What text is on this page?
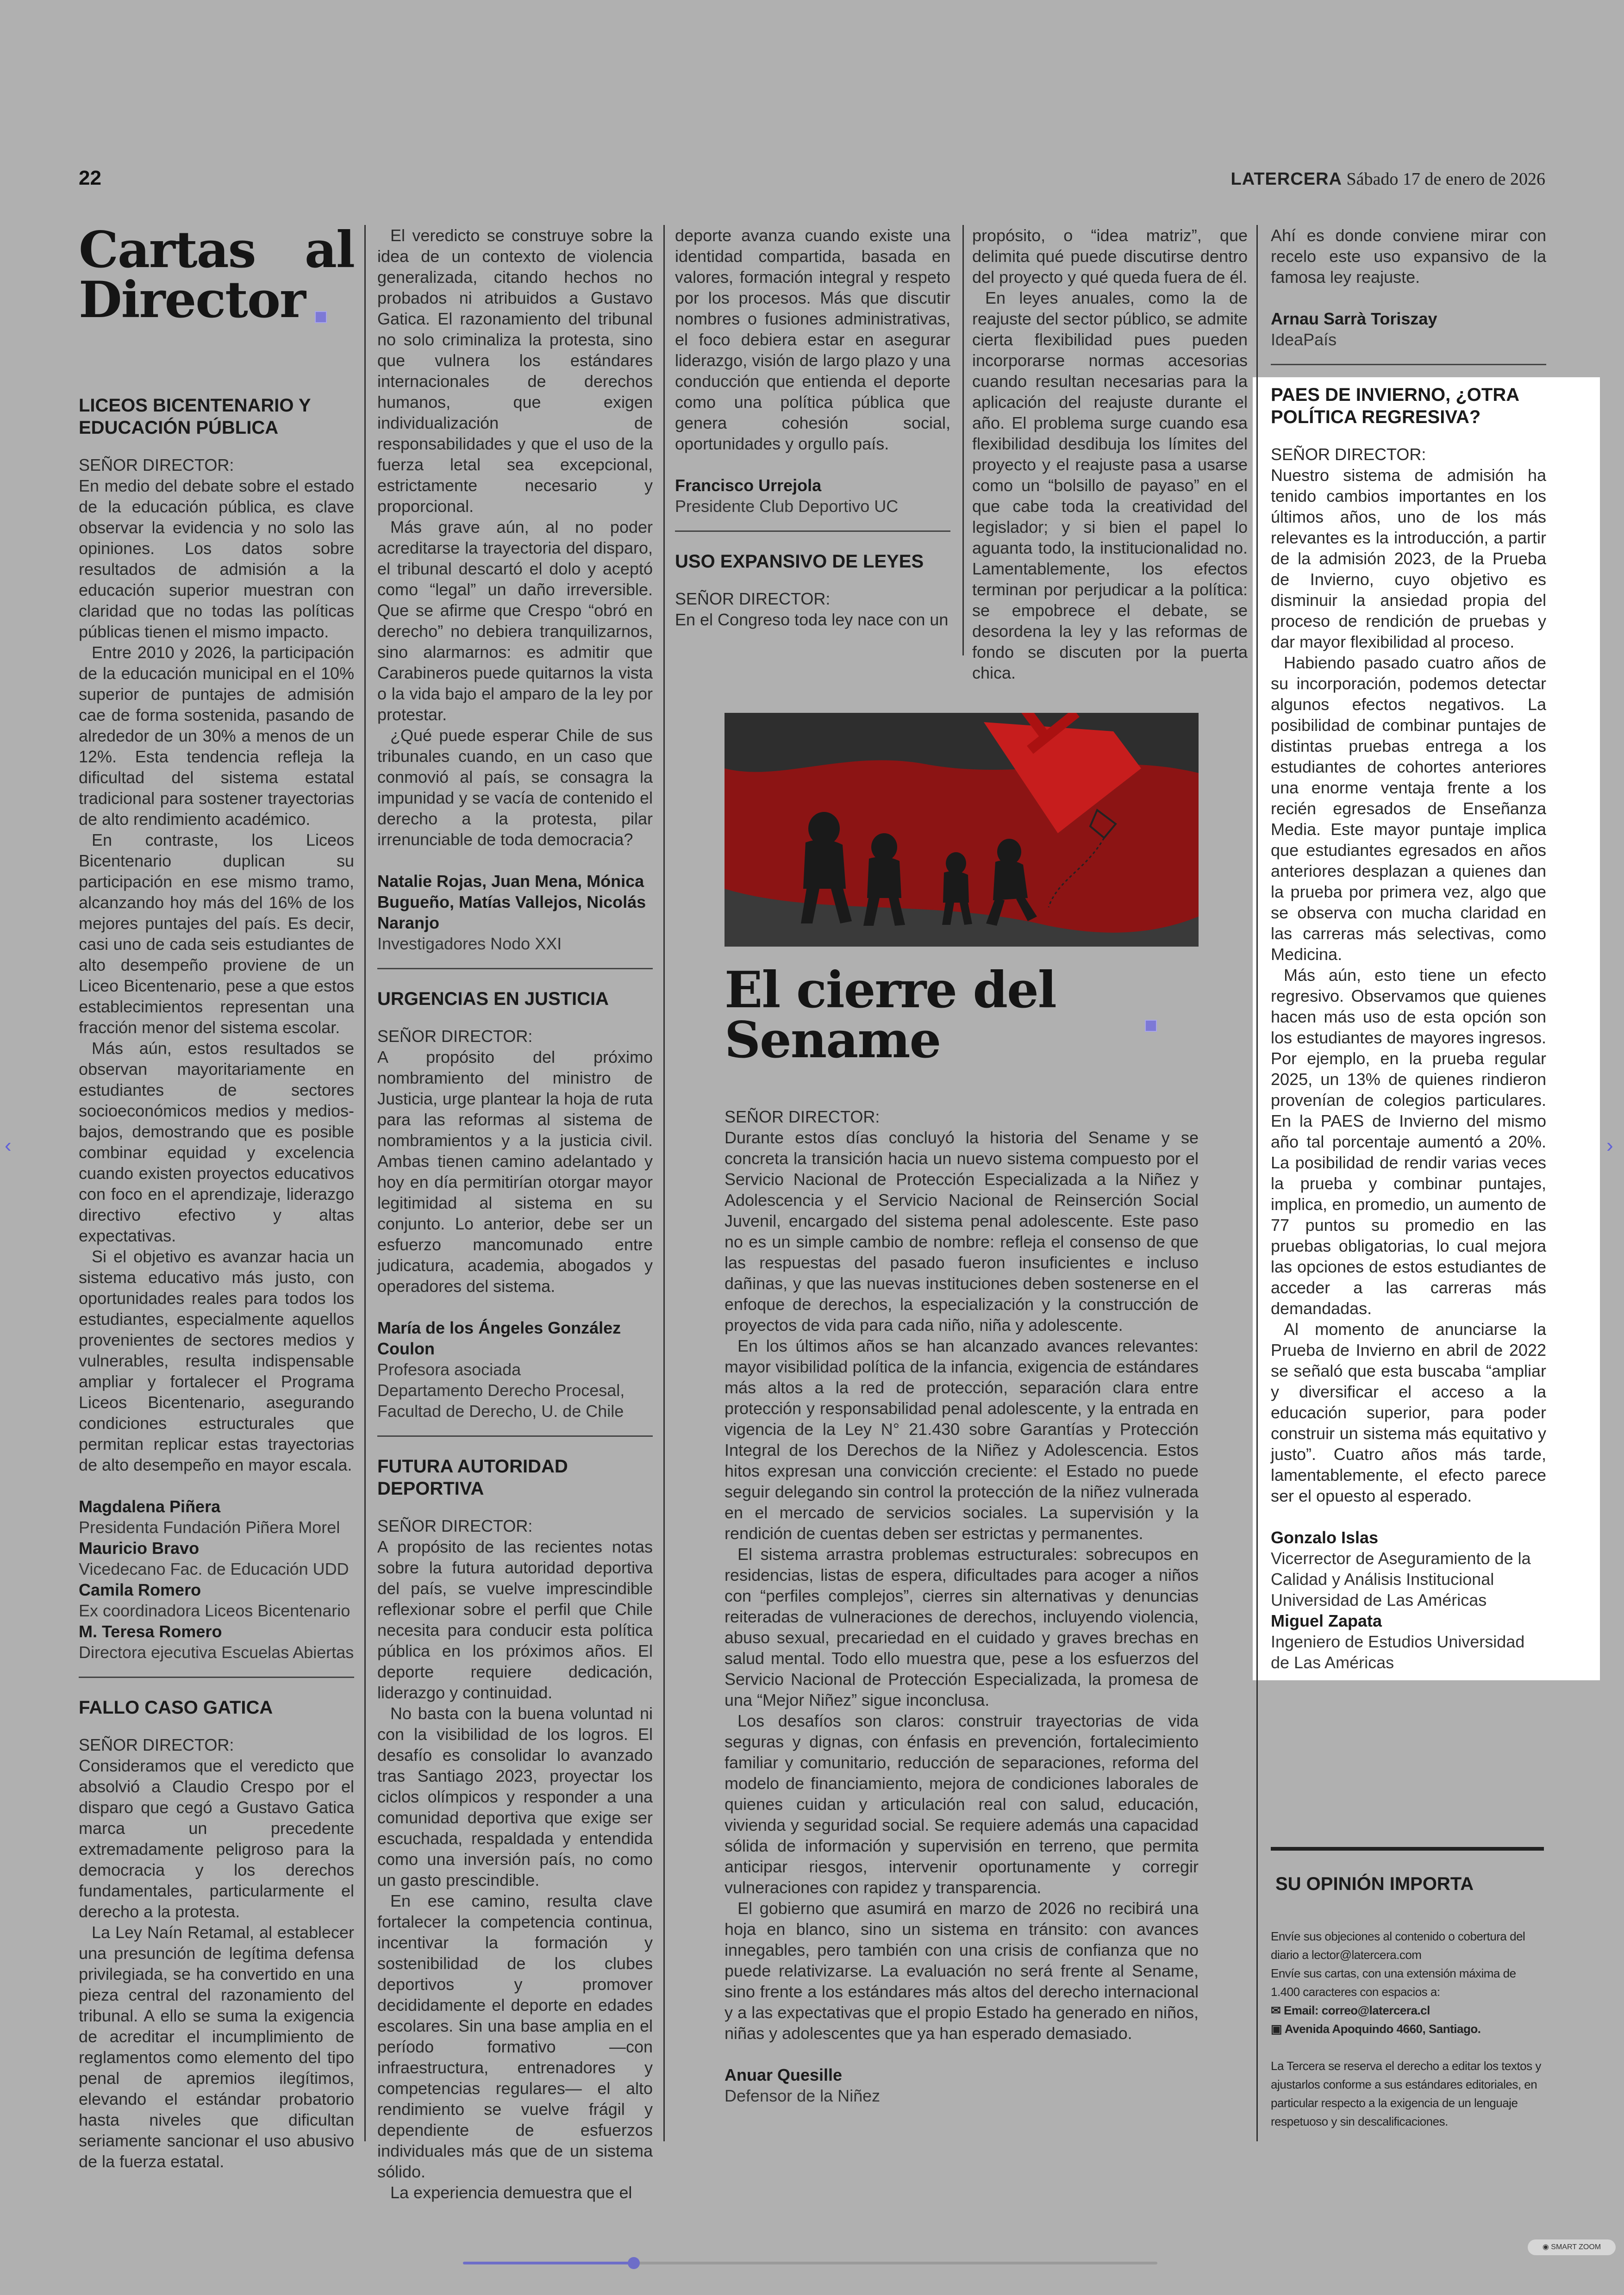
22	LATERCERA Sábado 17 de enero de 2026
Cartas al Director
LICEOS BICENTENARIO Y EDUCACIÓN PÚBLICA

SEÑOR DIRECTOR:

En medio del debate sobre el estado de la educación pública, es clave observar la evidencia y no solo las opiniones. Los datos sobre resultados de admisión a la educación superior muestran con claridad que no todas las políticas públicas tienen el mismo impacto.

Entre 2010 y 2026, la participación de la educación municipal en el 10% superior de puntajes de admisión cae de forma sostenida, pasando de alrededor de un 30% a menos de un 12%. Esta tendencia refleja la dificultad del sistema estatal tradicional para sostener trayectorias de alto rendimiento académico.

En contraste, los Liceos Bicentenario duplican su participación en ese mismo tramo, alcanzando hoy más del 16% de los mejores puntajes del país. Es decir, casi uno de cada seis estudiantes de alto desempeño proviene de un Liceo Bicentenario, pese a que estos establecimientos representan una fracción menor del sistema escolar.

Más aún, estos resultados se observan mayoritariamente en estudiantes de sectores socioeconómicos medios y medios-bajos, demostrando que es posible combinar equidad y excelencia cuando existen proyectos educativos con foco en el aprendizaje, liderazgo directivo efectivo y altas expectativas.

Si el objetivo es avanzar hacia un sistema educativo más justo, con oportunidades reales para todos los estudiantes, especialmente aquellos provenientes de sectores medios y vulnerables, resulta indispensable ampliar y fortalecer el Programa Liceos Bicentenario, asegurando condiciones estructurales que permitan replicar estas trayectorias de alto desempeño en mayor escala.

Magdalena Piñera
Presidenta Fundación Piñera Morel
Mauricio Bravo
Vicedecano Fac. de Educación UDD
Camila Romero
Ex coordinadora Liceos Bicentenario
M. Teresa Romero
Directora ejecutiva Escuelas Abiertas
FALLO CASO GATICA

SEÑOR DIRECTOR:

Consideramos que el veredicto que absolvió a Claudio Crespo por el disparo que cegó a Gustavo Gatica marca un precedente extremadamente peligroso para la democracia y los derechos fundamentales, particularmente el derecho a la protesta.

La Ley Naín Retamal, al establecer una presunción de legítima defensa privilegiada, se ha convertido en una pieza central del razonamiento del tribunal. A ello se suma la exigencia de acreditar el incumplimiento de reglamentos como elemento del tipo penal de apremios ilegítimos, elevando el estándar probatorio hasta niveles que dificultan seriamente sancionar el uso abusivo de la fuerza estatal.

El veredicto se construye sobre la idea de un contexto de violencia generalizada, citando hechos no probados ni atribuidos a Gustavo Gatica. El razonamiento del tribunal no solo criminaliza la protesta, sino que vulnera los estándares internacionales de derechos humanos, que exigen individualización de responsabilidades y que el uso de la fuerza letal sea excepcional, estrictamente necesario y proporcional.

Más grave aún, al no poder acreditarse la trayectoria del disparo, el tribunal descartó el dolo y aceptó como “legal” un daño irreversible. Que se afirme que Crespo “obró en derecho” no debiera tranquilizarnos, sino alarmarnos: es admitir que Carabineros puede quitarnos la vista o la vida bajo el amparo de la ley por protestar.

¿Qué puede esperar Chile de sus tribunales cuando, en un caso que conmovió al país, se consagra la impunidad y se vacía de contenido el derecho a la protesta, pilar irrenunciable de toda democracia?

Natalie Rojas, Juan Mena, Mónica Bugueño, Matías Vallejos, Nicolás Naranjo
Investigadores Nodo XXI
URGENCIAS EN JUSTICIA

SEÑOR DIRECTOR:

A propósito del próximo nombramiento del ministro de Justicia, urge plantear la hoja de ruta para las reformas al sistema de nombramientos y a la justicia civil. Ambas tienen camino adelantado y hoy en día permitirían otorgar mayor legitimidad al sistema en su conjunto. Lo anterior, debe ser un esfuerzo mancomunado entre judicatura, academia, abogados y operadores del sistema.

María de los Ángeles González Coulon
Profesora asociada
Departamento Derecho Procesal, Facultad de Derecho, U. de Chile
FUTURA AUTORIDAD DEPORTIVA

SEÑOR DIRECTOR:

A propósito de las recientes notas sobre la futura autoridad deportiva del país, se vuelve imprescindible reflexionar sobre el perfil que Chile necesita para conducir esta política pública en los próximos años. El deporte requiere dedicación, liderazgo y continuidad.

No basta con la buena voluntad ni con la visibilidad de los logros. El desafío es consolidar lo avanzado tras Santiago 2023, proyectar los ciclos olímpicos y responder a una comunidad deportiva que exige ser escuchada, respaldada y entendida como una inversión país, no como un gasto prescindible.

En ese camino, resulta clave fortalecer la competencia continua, incentivar la formación y sostenibilidad de los clubes deportivos y promover decididamente el deporte en edades escolares. Sin una base amplia en el período formativo —con infraestructura, entrenadores y competencias regulares— el alto rendimiento se vuelve frágil y dependiente de esfuerzos individuales más que de un sistema sólido.

La experiencia demuestra que el

deporte avanza cuando existe una identidad compartida, basada en valores, formación integral y respeto por los procesos. Más que discutir nombres o fusiones administrativas, el foco debiera estar en asegurar liderazgo, visión de largo plazo y una conducción que entienda el deporte como una política pública que genera cohesión social, oportunidades y orgullo país.

Francisco Urrejola
Presidente Club Deportivo UC
USO EXPANSIVO DE LEYES

SEÑOR DIRECTOR:

En el Congreso toda ley nace con un

propósito, o “idea matriz”, que delimita qué puede discutirse dentro del proyecto y qué queda fuera de él.

En leyes anuales, como la de reajuste del sector público, se admite cierta flexibilidad pues pueden incorporarse normas accesorias cuando resultan necesarias para la aplicación del reajuste durante el año. El problema surge cuando esa flexibilidad desdibuja los límites del proyecto y el reajuste pasa a usarse como un “bolsillo de payaso” en el que cabe toda la creatividad del legislador; y si bien el papel lo aguanta todo, la institucionalidad no. Lamentablemente, los efectos terminan por perjudicar a la política: se empobrece el debate, se desordena la ley y las reformas de fondo se discuten por la puerta chica.

El cierre del Sename

SEÑOR DIRECTOR:

Durante estos días concluyó la historia del Sename y se concreta la transición hacia un nuevo sistema compuesto por el Servicio Nacional de Protección Especializada a la Niñez y Adolescencia y el Servicio Nacional de Reinserción Social Juvenil, encargado del sistema penal adolescente. Este paso no es un simple cambio de nombre: refleja el consenso de que las respuestas del pasado fueron insuficientes e incluso dañinas, y que las nuevas instituciones deben sostenerse en el enfoque de derechos, la especialización y la construcción de proyectos de vida para cada niño, niña y adolescente.

En los últimos años se han alcanzado avances relevantes: mayor visibilidad política de la infancia, exigencia de estándares más altos a la red de protección, separación clara entre protección y responsabilidad penal adolescente, y la entrada en vigencia de la Ley N° 21.430 sobre Garantías y Protección Integral de los Derechos de la Niñez y Adolescencia. Estos hitos expresan una convicción creciente: el Estado no puede seguir delegando sin control la protección de la niñez vulnerada en el mercado de servicios sociales. La supervisión y la rendición de cuentas deben ser estrictas y permanentes.

El sistema arrastra problemas estructurales: sobrecupos en residencias, listas de espera, dificultades para acoger a niños con “perfiles complejos”, cierres sin alternativas y denuncias reiteradas de vulneraciones de derechos, incluyendo violencia, abuso sexual, precariedad en el cuidado y graves brechas en salud mental. Todo ello muestra que, pese a los esfuerzos del Servicio Nacional de Protección Especializada, la promesa de una “Mejor Niñez” sigue inconclusa.

Los desafíos son claros: construir trayectorias de vida seguras y dignas, con énfasis en prevención, fortalecimiento familiar y comunitario, reducción de separaciones, reforma del modelo de financiamiento, mejora de condiciones laborales de quienes cuidan y articulación real con salud, educación, vivienda y seguridad social. Se requiere además una capacidad sólida de información y supervisión en terreno, que permita anticipar riesgos, intervenir oportunamente y corregir vulneraciones con rapidez y transparencia.

El gobierno que asumirá en marzo de 2026 no recibirá una hoja en blanco, sino un sistema en tránsito: con avances innegables, pero también con una crisis de confianza que no puede relativizarse. La evaluación no será frente al Sename, sino frente a los estándares más altos del derecho internacional y a las expectativas que el propio Estado ha generado en niños, niñas y adolescentes que ya han esperado demasiado.

Anuar Quesille
Defensor de la Niñez

Ahí es donde conviene mirar con recelo este uso expansivo de la famosa ley reajuste.

Arnau Sarrà Toriszay
IdeaPaís
PAES DE INVIERNO, ¿OTRA POLÍTICA REGRESIVA?

SEÑOR DIRECTOR:

Nuestro sistema de admisión ha tenido cambios importantes en los últimos años, uno de los más relevantes es la introducción, a partir de la admisión 2023, de la Prueba de Invierno, cuyo objetivo es disminuir la ansiedad propia del proceso de rendición de pruebas y dar mayor flexibilidad al proceso.

Habiendo pasado cuatro años de su incorporación, podemos detectar algunos efectos negativos. La posibilidad de combinar puntajes de distintas pruebas entrega a los estudiantes de cohortes anteriores una enorme ventaja frente a los recién egresados de Enseñanza Media. Este mayor puntaje implica que estudiantes egresados en años anteriores desplazan a quienes dan la prueba por primera vez, algo que se observa con mucha claridad en las carreras más selectivas, como Medicina.

Más aún, esto tiene un efecto regresivo. Observamos que quienes hacen más uso de esta opción son los estudiantes de mayores ingresos. Por ejemplo, en la prueba regular 2025, un 13% de quienes rindieron provenían de colegios particulares. En la PAES de Invierno del mismo año tal porcentaje aumentó a 20%. La posibilidad de rendir varias veces la prueba y combinar puntajes, implica, en promedio, un aumento de 77 puntos su promedio en las pruebas obligatorias, lo cual mejora las opciones de estos estudiantes de acceder a las carreras más demandadas.

Al momento de anunciarse la Prueba de Invierno en abril de 2022 se señaló que esta buscaba “ampliar y diversificar el acceso a la educación superior, para poder construir un sistema más equitativo y justo”. Cuatro años más tarde, lamentablemente, el efecto parece ser el opuesto al esperado.

Gonzalo Islas
Vicerrector de Aseguramiento de la Calidad y Análisis Institucional Universidad de Las Américas
Miguel Zapata
Ingeniero de Estudios Universidad de Las Américas
SU OPINIÓN IMPORTA
Envíe sus objeciones al contenido o cobertura del diario a lector@latercera.com
Envíe sus cartas, con una extensión máxima de 1.400 caracteres con espacios a:
✉ Email: correo@latercera.cl
▣ Avenida Apoquindo 4660, Santiago.
La Tercera se reserva el derecho a editar los textos y ajustarlos conforme a sus estándares editoriales, en particular respecto a la exigencia de un lenguaje respetuoso y sin descalificaciones.
‹	›
◉ SMART ZOOM
